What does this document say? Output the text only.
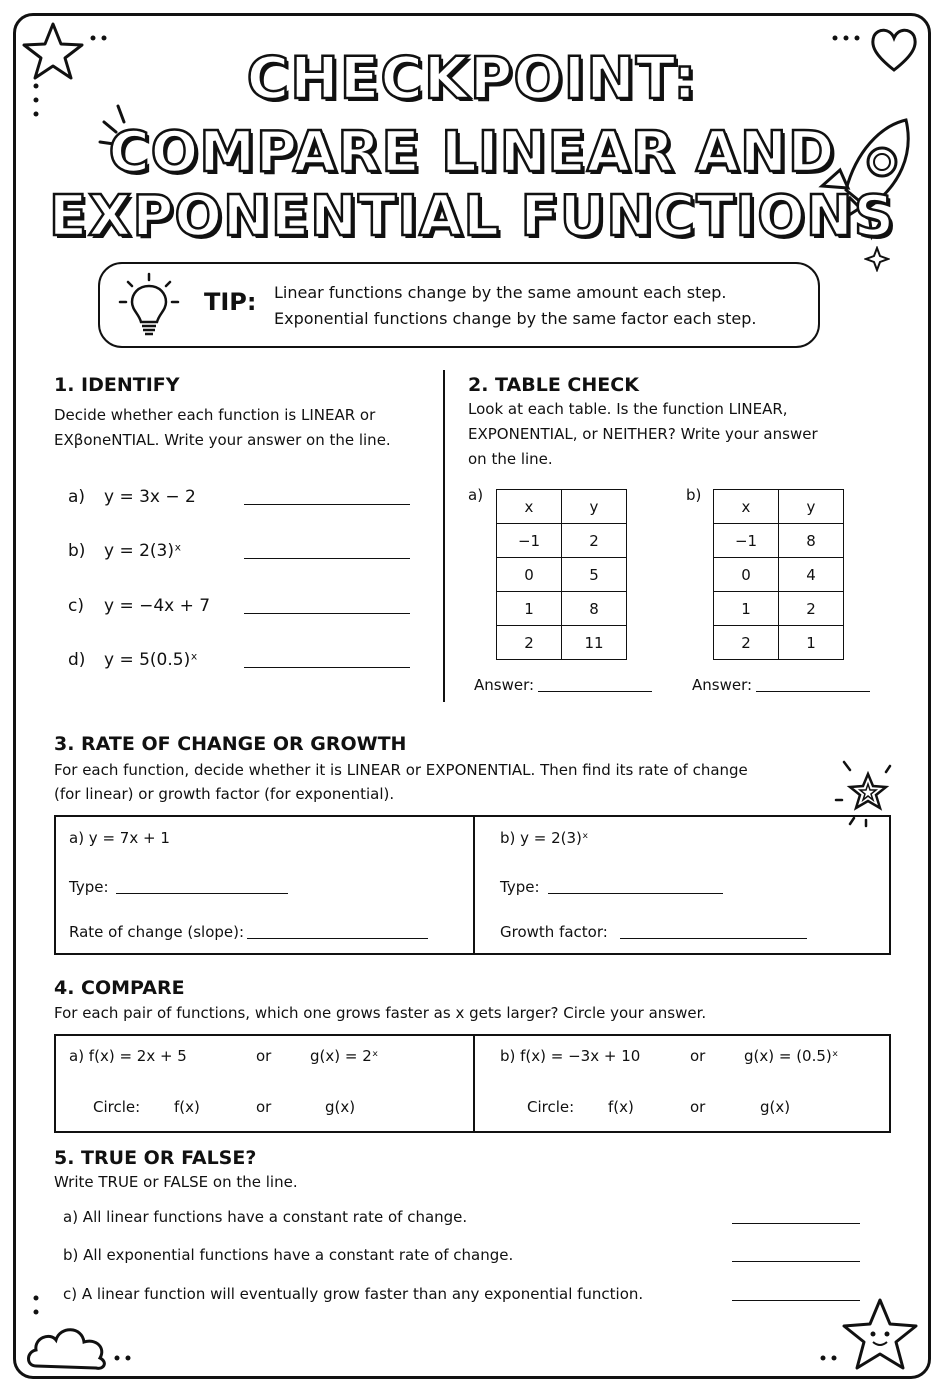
CHECKPOINT:
COMPARE LINEAR AND
EXPONENTIAL FUNCTIONS
TIP: Linear functions change by the same amount each step.
Exponential functions change by the same factor each step.
1. IDENTIFY
Decide whether each function is LINEAR or
EXβoneNTIAL. Write your answer on the line.
a) y = 3x − 2
b) y = 2(3)ˣ
c) y = −4x + 7
d) y = 5(0.5)ˣ
2. TABLE CHECK
Look at each table. Is the function LINEAR,
EXPONENTIAL, or NEITHER? Write your answer
on the line.
a)
x	y
−1	2
0	5
1	8
2	11
Answer:
b)
x	y
−1	8
0	4
1	2
2	1
Answer:
3. RATE OF CHANGE OR GROWTH
For each function, decide whether it is LINEAR or EXPONENTIAL. Then find its rate of change
(for linear) or growth factor (for exponential).
a) y = 7x + 1
Type:
Rate of change (slope):
b) y = 2(3)ˣ
Type:
Growth factor:
4. COMPARE
For each pair of functions, which one grows faster as x gets larger? Circle your answer.
a) f(x) = 2x + 5	or	g(x) = 2ˣ
Circle: f(x)	or	g(x)
b) f(x) = −3x + 10	or	g(x) = (0.5)ˣ
Circle: f(x)	or	g(x)
5. TRUE OR FALSE?
Write TRUE or FALSE on the line.
a) All linear functions have a constant rate of change.
b) All exponential functions have a constant rate of change.
c) A linear function will eventually grow faster than any exponential function.
